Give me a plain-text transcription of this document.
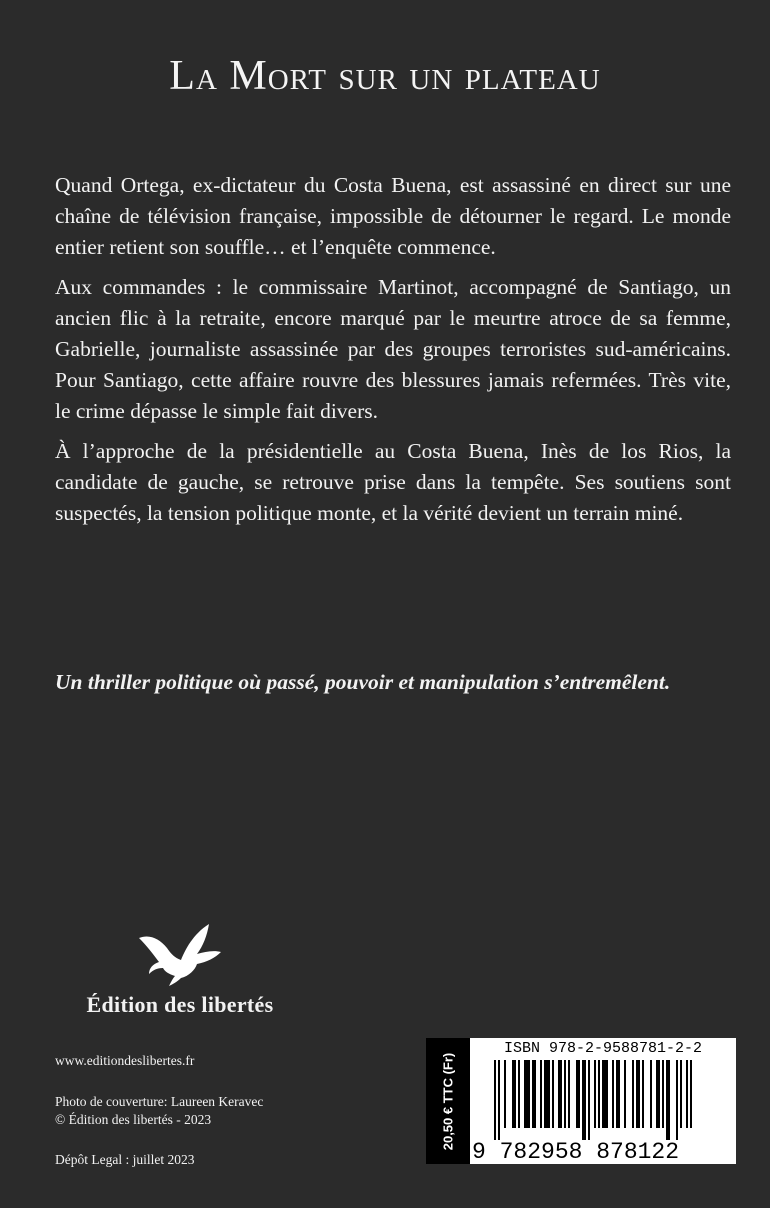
La Mort sur un plateau

Quand Ortega, ex-dictateur du Costa Buena, est assassiné en direct sur une chaîne de télévision française, impossible de détourner le regard. Le monde entier retient son souffle… et l’enquête commence.

Aux commandes : le commissaire Martinot, accompagné de Santiago, un ancien flic à la retraite, encore marqué par le meurtre atroce de sa femme, Gabrielle, journaliste assassinée par des groupes terroristes sud-américains. Pour Santiago, cette affaire rouvre des blessures jamais refermées. Très vite, le crime dépasse le simple fait divers.

À l’approche de la présidentielle au Costa Buena, Inès de los Rios, la candidate de gauche, se retrouve prise dans la tempête. Ses soutiens sont suspectés, la tension politique monte, et la vérité devient un terrain miné.

Un thriller politique où passé, pouvoir et manipulation s’entremêlent.
Édition des libertés
www.editiondeslibertes.fr
Photo de couverture: Laureen Keravec
© Édition des libertés - 2023
Dépôt Legal : juillet 2023
20,50 € TTC (Fr)
ISBN 978-2-9588781-2-2
9 782958 878122
